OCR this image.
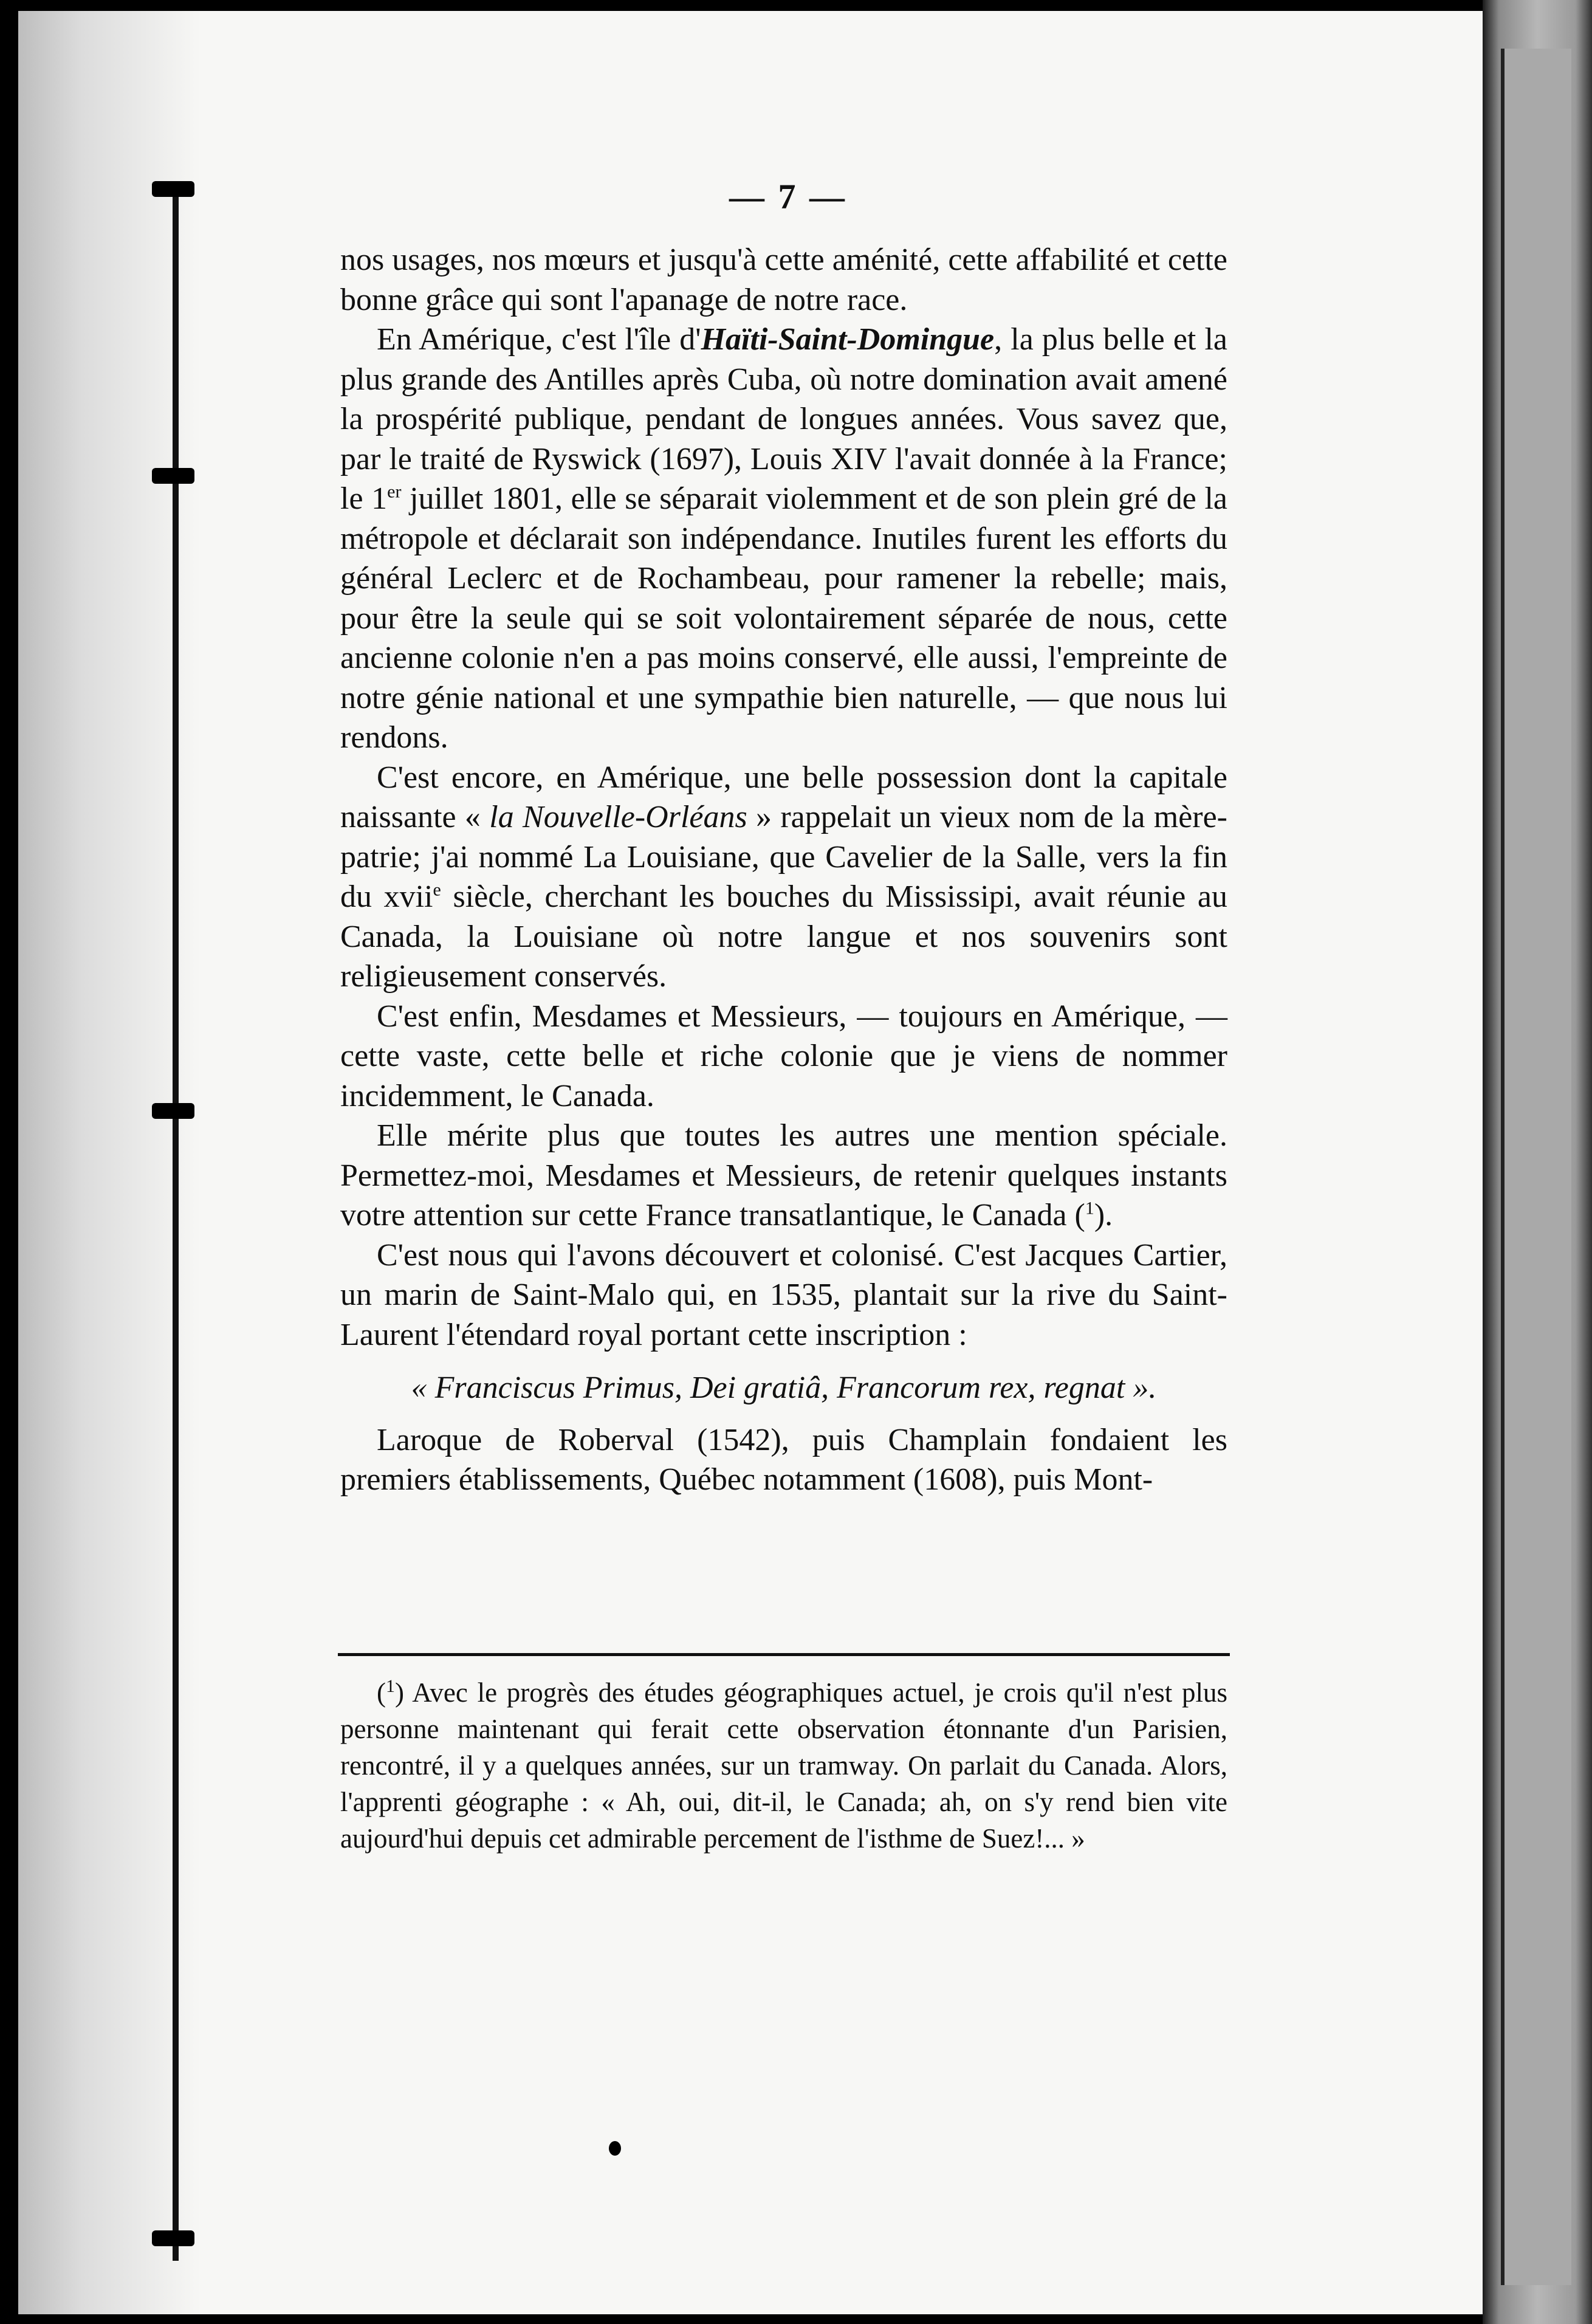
— 7 —

nos usages, nos mœurs et jusqu'à cette aménité, cette affabilité et cette bonne grâce qui sont l'apanage de notre race.

En Amérique, c'est l'île d'Haïti-Saint-Domingue, la plus belle et la plus grande des Antilles après Cuba, où notre domination avait amené la prospérité publique, pendant de longues années. Vous savez que, par le traité de Ryswick (1697), Louis XIV l'avait donnée à la France; le 1er juillet 1801, elle se séparait violemment et de son plein gré de la métropole et déclarait son indépendance. Inutiles furent les efforts du général Leclerc et de Rochambeau, pour ramener la rebelle; mais, pour être la seule qui se soit volontairement séparée de nous, cette ancienne colonie n'en a pas moins conservé, elle aussi, l'empreinte de notre génie national et une sympathie bien naturelle, — que nous lui rendons.

C'est encore, en Amérique, une belle possession dont la capitale naissante « la Nouvelle-Orléans » rappelait un vieux nom de la mère-patrie; j'ai nommé La Louisiane, que Cavelier de la Salle, vers la fin du xvii$^e$ siècle, cherchant les bouches du Mississipi, avait réunie au Canada, la Louisiane où notre langue et nos souvenirs sont religieusement conservés.

C'est enfin, Mesdames et Messieurs, — toujours en Amérique, — cette vaste, cette belle et riche colonie que je viens de nommer incidemment, le Canada.

Elle mérite plus que toutes les autres une mention spéciale. Permettez-moi, Mesdames et Messieurs, de retenir quelques instants votre attention sur cette France transatlantique, le Canada ($^1$).

C'est nous qui l'avons découvert et colonisé. C'est Jacques Cartier, un marin de Saint-Malo qui, en 1535, plantait sur la rive du Saint-Laurent l'étendard royal portant cette inscription :

« Franciscus Primus, Dei gratiâ, Francorum rex, regnat ».

Laroque de Roberval (1542), puis Champlain fondaient les premiers établissements, Québec notamment (1608), puis Mont-

($^1$) Avec le progrès des études géographiques actuel, je crois qu'il n'est plus personne maintenant qui ferait cette observation étonnante d'un Parisien, rencontré, il y a quelques années, sur un tramway. On parlait du Canada. Alors, l'apprenti géographe : « Ah, oui, dit-il, le Canada; ah, on s'y rend bien vite aujourd'hui depuis cet admirable percement de l'isthme de Suez!... »
